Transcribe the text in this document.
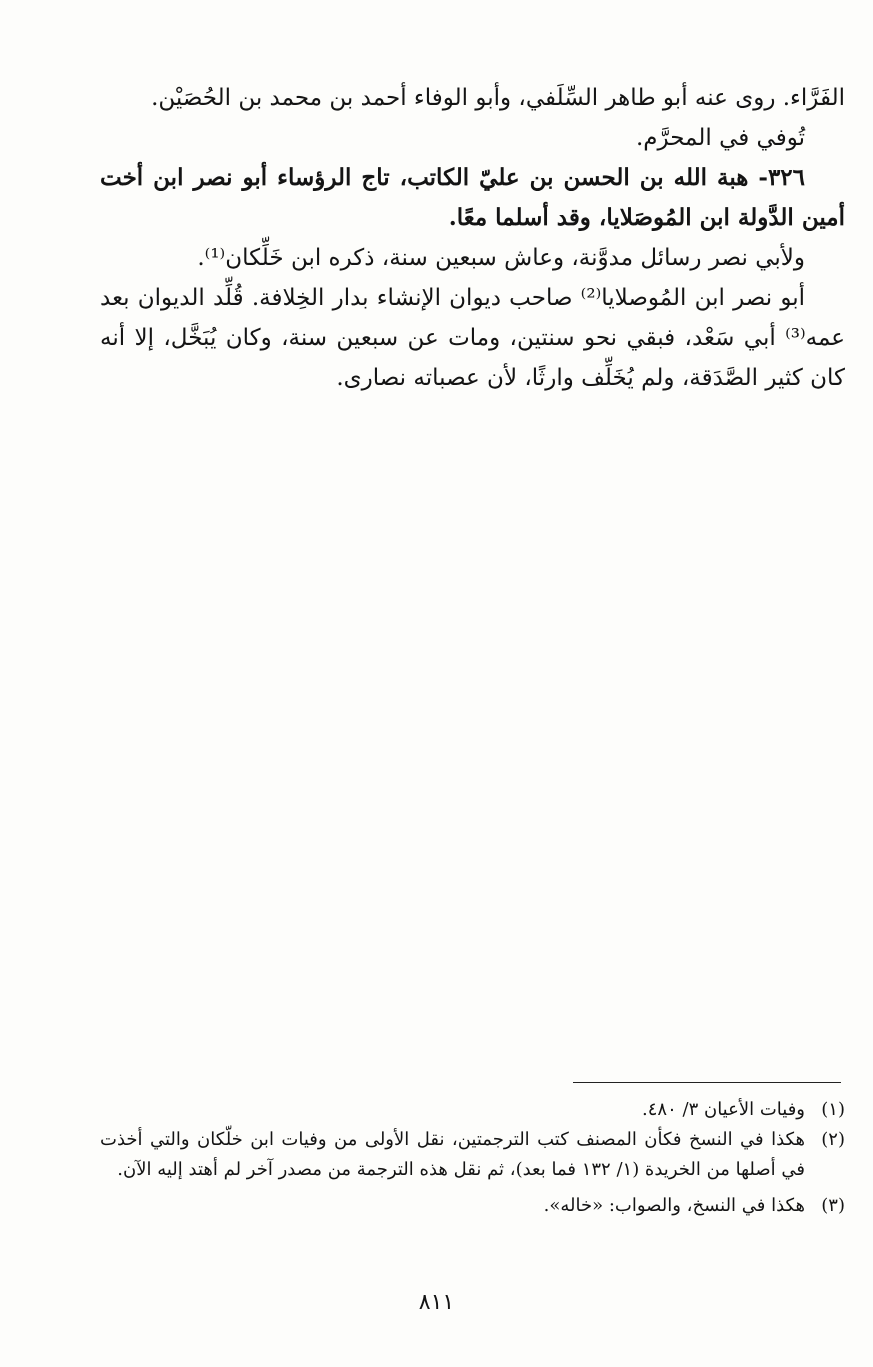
الفَرَّاء. روى عنه أبو طاهر السِّلَفي، وأبو الوفاء أحمد بن محمد بن الحُصَيْن.

تُوفي في المحرَّم.

٣٢٦- هبة الله بن الحسن بن عليّ الكاتب، تاج الرؤساء أبو نصر ابن أخت أمين الدَّولة ابن المُوصَلايا، وقد أسلما معًا.

ولأبي نصر رسائل مدوَّنة، وعاش سبعين سنة، ذكره ابن خَلِّكان⁽¹⁾.

أبو نصر ابن المُوصلايا⁽²⁾ صاحب ديوان الإنشاء بدار الخِلافة. قُلِّد الديوان بعد عمه⁽³⁾ أبي سَعْد، فبقي نحو سنتين، ومات عن سبعين سنة، وكان يُبَخَّل، إلا أنه كان كثير الصَّدَقة، ولم يُخَلِّف وارثًا، لأن عصباته نصارى.

(١)
وفيات الأعيان ٣/ ٤٨٠.
(٢)
هكذا في النسخ فكأن المصنف كتب الترجمتين، نقل الأولى من وفيات ابن خلّكان والتي أخذت في أصلها من الخريدة (١/ ١٣٢ فما بعد)، ثم نقل هذه الترجمة من مصدر آخر لم أهتد إليه الآن.
(٣)
هكذا في النسخ، والصواب: «خاله».
٨١١
